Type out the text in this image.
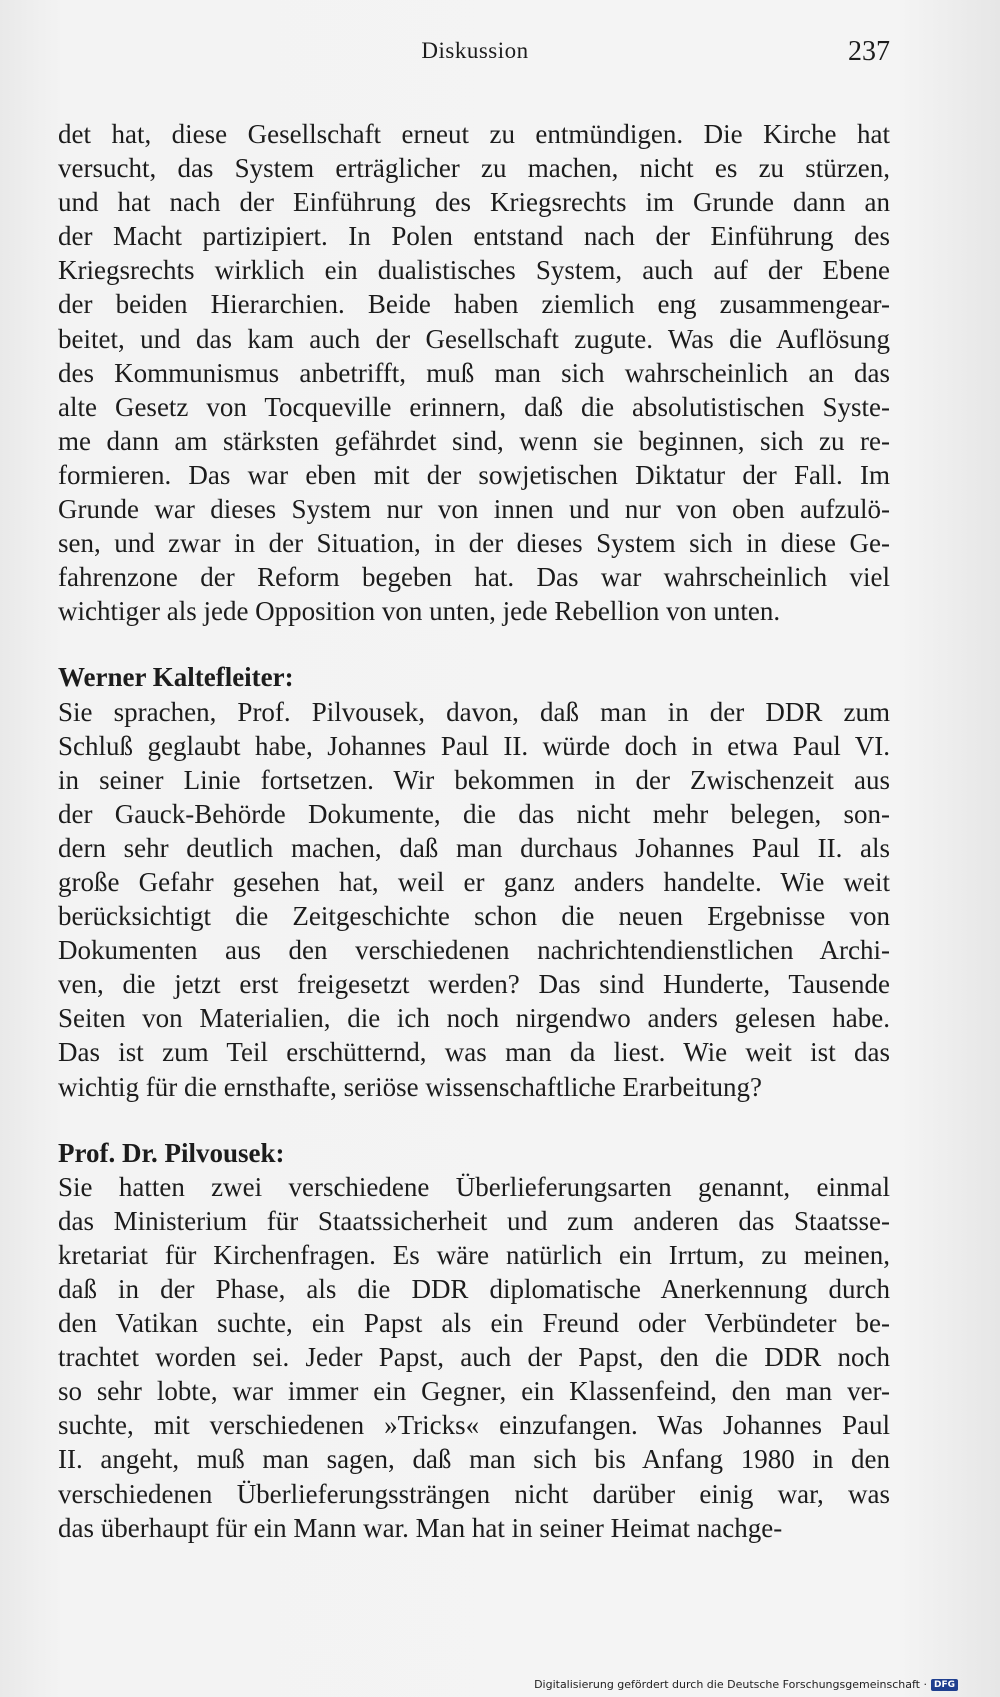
Diskussion	237
det hat, diese Gesellschaft erneut zu entmündigen. Die Kirche hat
versucht, das System erträglicher zu machen, nicht es zu stürzen,
und hat nach der Einführung des Kriegsrechts im Grunde dann an
der Macht partizipiert. In Polen entstand nach der Einführung des
Kriegsrechts wirklich ein dualistisches System, auch auf der Ebene
der beiden Hierarchien. Beide haben ziemlich eng zusammengear-
beitet, und das kam auch der Gesellschaft zugute. Was die Auflösung
des Kommunismus anbetrifft, muß man sich wahrscheinlich an das
alte Gesetz von Tocqueville erinnern, daß die absolutistischen Syste-
me dann am stärksten gefährdet sind, wenn sie beginnen, sich zu re-
formieren. Das war eben mit der sowjetischen Diktatur der Fall. Im
Grunde war dieses System nur von innen und nur von oben aufzulö-
sen, und zwar in der Situation, in der dieses System sich in diese Ge-
fahrenzone der Reform begeben hat. Das war wahrscheinlich viel
wichtiger als jede Opposition von unten, jede Rebellion von unten.
Werner Kaltefleiter:
Sie sprachen, Prof. Pilvousek, davon, daß man in der DDR zum
Schluß geglaubt habe, Johannes Paul II. würde doch in etwa Paul VI.
in seiner Linie fortsetzen. Wir bekommen in der Zwischenzeit aus
der Gauck-Behörde Dokumente, die das nicht mehr belegen, son-
dern sehr deutlich machen, daß man durchaus Johannes Paul II. als
große Gefahr gesehen hat, weil er ganz anders handelte. Wie weit
berücksichtigt die Zeitgeschichte schon die neuen Ergebnisse von
Dokumenten aus den verschiedenen nachrichtendienstlichen Archi-
ven, die jetzt erst freigesetzt werden? Das sind Hunderte, Tausende
Seiten von Materialien, die ich noch nirgendwo anders gelesen habe.
Das ist zum Teil erschütternd, was man da liest. Wie weit ist das
wichtig für die ernsthafte, seriöse wissenschaftliche Erarbeitung?
Prof. Dr. Pilvousek:
Sie hatten zwei verschiedene Überlieferungsarten genannt, einmal
das Ministerium für Staatssicherheit und zum anderen das Staatsse-
kretariat für Kirchenfragen. Es wäre natürlich ein Irrtum, zu meinen,
daß in der Phase, als die DDR diplomatische Anerkennung durch
den Vatikan suchte, ein Papst als ein Freund oder Verbündeter be-
trachtet worden sei. Jeder Papst, auch der Papst, den die DDR noch
so sehr lobte, war immer ein Gegner, ein Klassenfeind, den man ver-
suchte, mit verschiedenen »Tricks« einzufangen. Was Johannes Paul
II. angeht, muß man sagen, daß man sich bis Anfang 1980 in den
verschiedenen Überlieferungssträngen nicht darüber einig war, was
das überhaupt für ein Mann war. Man hat in seiner Heimat nachge-
Digitalisierung gefördert durch die Deutsche Forschungsgemeinschaft · DFG
